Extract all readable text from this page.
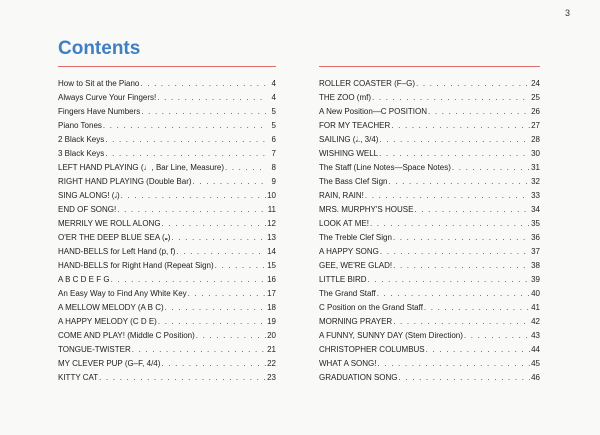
3
Contents
How to Sit at the Piano . . .	4
Always Curve Your Fingers! . . .	4
Fingers Have Numbers . . .	5
Piano Tones . . .	5
2 Black Keys . . .	6
3 Black Keys . . .	7
LEFT HAND PLAYING (♩, Bar Line, Measure) . . .	8
RIGHT HAND PLAYING (Double Bar) . . .	9
SING ALONG! (𝅗𝅥) . . .	10
END OF SONG! . . .	11
MERRILY WE ROLL ALONG . . .	12
O'ER THE DEEP BLUE SEA (𝅝) . . .	13
HAND-BELLS for Left Hand (p, f) . . .	14
HAND-BELLS for Right Hand (Repeat Sign) . . .	15
A B C D E F G . . .	16
An Easy Way to Find Any White Key . . .	17
A MELLOW MELODY (A B C) . . .	18
A HAPPY MELODY (C D E) . . .	19
COME AND PLAY! (Middle C Position) . . .	20
TONGUE-TWISTER . . .	21
MY CLEVER PUP (G–F, 4/4) . . .	22
KITTY CAT . . .	23
ROLLER COASTER (F–G) . . .	24
THE ZOO (mf) . . .	25
A New Position—C POSITION . . .	26
FOR MY TEACHER . . .	27
SAILING (𝅗𝅥., 3/4) . . .	28
WISHING WELL . . .	30
The Staff (Line Notes—Space Notes) . . .	31
The Bass Clef Sign . . .	32
RAIN, RAIN! . . .	33
MRS. MURPHY'S HOUSE . . .	34
LOOK AT ME! . . .	35
The Treble Clef Sign . . .	36
A HAPPY SONG . . .	37
GEE, WE'RE GLAD! . . .	38
LITTLE BIRD . . .	39
The Grand Staff . . .	40
C Position on the Grand Staff . . .	41
MORNING PRAYER . . .	42
A FUNNY, SUNNY DAY (Stem Direction) . . .	43
CHRISTOPHER COLUMBUS . . .	44
WHAT A SONG! . . .	45
GRADUATION SONG . . .	46
